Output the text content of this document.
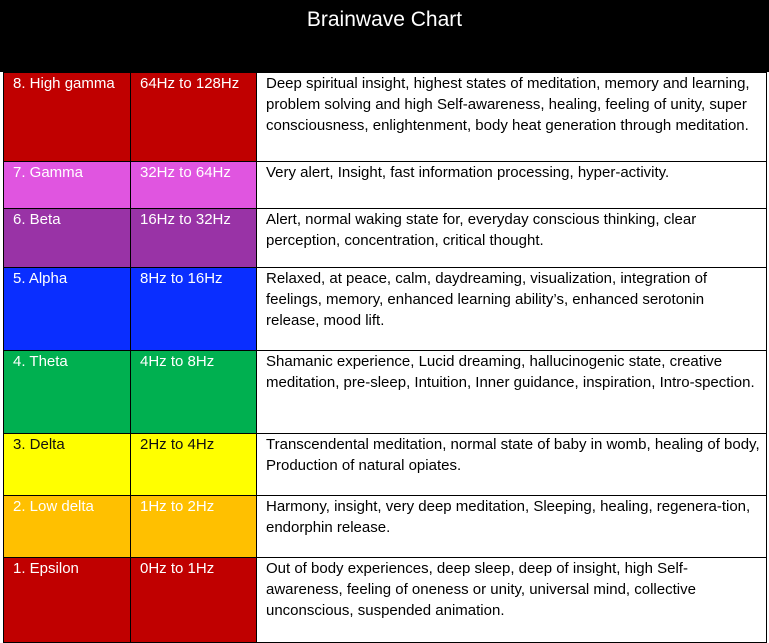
Brainwave Chart
8. High gamma	64Hz to 128Hz	Deep spiritual insight, highest states of meditation, memory and learning, problem solving and high Self-awareness, healing, feeling of unity, super consciousness, enlightenment, body heat generation through meditation.
7. Gamma	32Hz to 64Hz	Very alert, Insight, fast information processing, hyper-activity.
6. Beta	16Hz to 32Hz	Alert, normal waking state for, everyday conscious thinking, clear perception, concentration, critical thought.
5. Alpha	8Hz to 16Hz	Relaxed, at peace, calm, daydreaming, visualization, integration of feelings, memory, enhanced learning ability’s, enhanced serotonin release, mood lift.
4. Theta	4Hz to 8Hz	Shamanic experience, Lucid dreaming, hallucinogenic state, creative meditation, pre-sleep, Intuition, Inner guidance, inspiration, Intro-spection.
3. Delta	2Hz to 4Hz	Transcendental meditation, normal state of baby in womb, healing of body, Production of natural opiates.
2. Low delta	1Hz to 2Hz	Harmony, insight, very deep meditation, Sleeping, healing, regenera-tion, endorphin release.
1. Epsilon	0Hz to 1Hz	Out of body experiences, deep sleep, deep of insight, high Self-awareness, feeling of oneness or unity, universal mind, collective unconscious, suspended animation.
